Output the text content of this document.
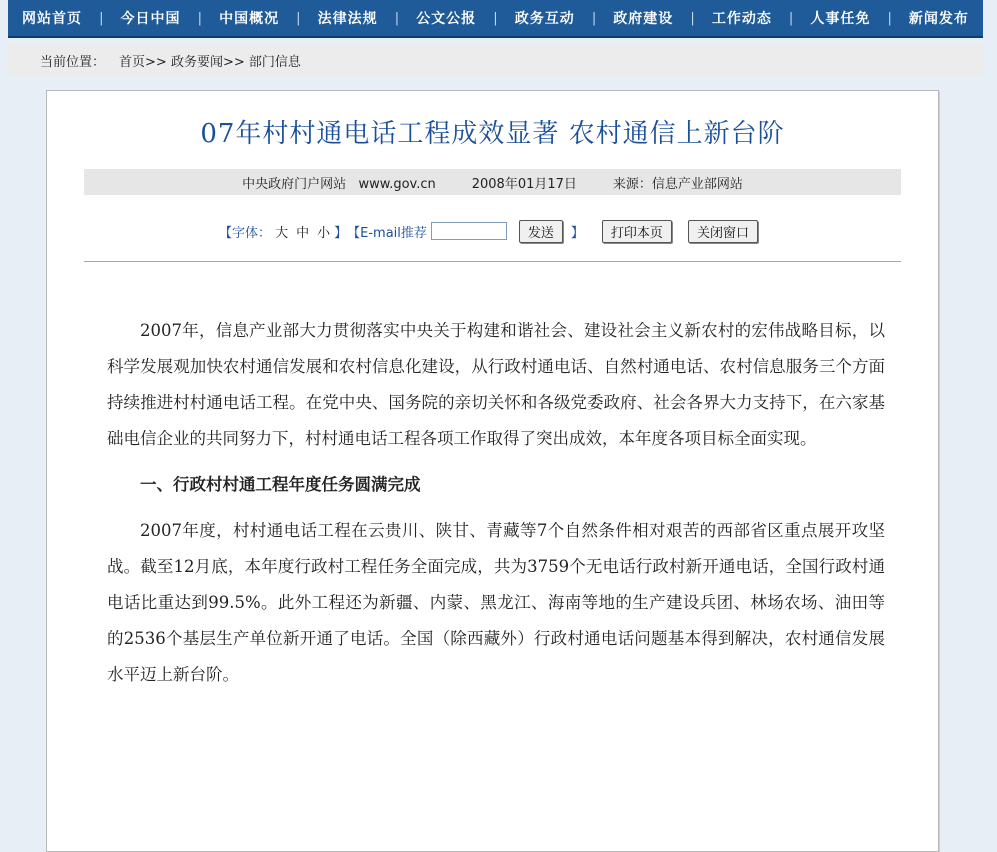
网站首页 | 今日中国 | 中国概况 | 法律法规 | 公文公报 | 政务互动 | 政府建设 | 工作动态 | 人事任免 | 新闻发布
当前位置： 首页>>
政务要闻>>
部门信息
07年村村通电话工程成效显著 农村通信上新台阶
中央政府门户网站 www.gov.cn	2008年01月17日	来源：信息产业部网站
【字体： 大 中 小 】 【E-mail推荐	发送	】	打印本页	关闭窗口

2007年，信息产业部大力贯彻落实中央关于构建和谐社会、建设社会主义新农村的宏伟战略目标，以科学发展观加快农村通信发展和农村信息化建设，从行政村通电话、自然村通电话、农村信息服务三个方面持续推进村村通电话工程。在党中央、国务院的亲切关怀和各级党委政府、社会各界大力支持下，在六家基础电信企业的共同努力下，村村通电话工程各项工作取得了突出成效，本年度各项目标全面实现。

一、行政村村通工程年度任务圆满完成

2007年度，村村通电话工程在云贵川、陕甘、青藏等7个自然条件相对艰苦的西部省区重点展开攻坚战。截至12月底，本年度行政村工程任务全面完成，共为3759个无电话行政村新开通电话，全国行政村通电话比重达到99.5%。此外工程还为新疆、内蒙、黑龙江、海南等地的生产建设兵团、林场农场、油田等的2536个基层生产单位新开通了电话。全国（除西藏外）行政村通电话问题基本得到解决，农村通信发展水平迈上新台阶。
